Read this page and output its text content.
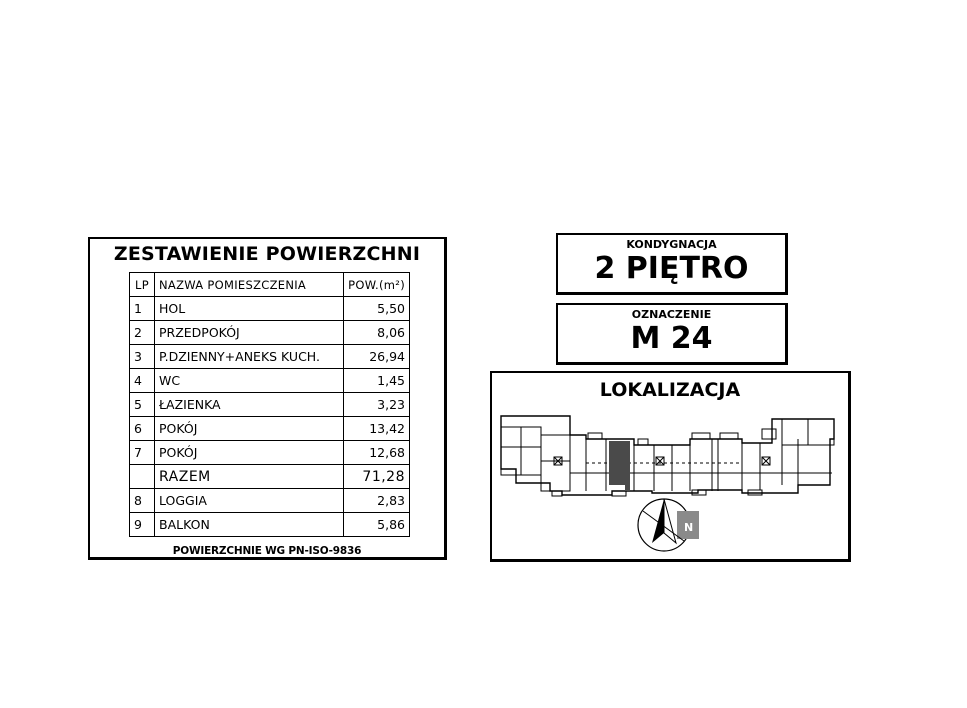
ZESTAWIENIE POWIERZCHNI
LP	NAZWA POMIESZCZENIA	POW.(m²)
1	HOL	5,50
2	PRZEDPOKÓJ	8,06
3	P.DZIENNY+ANEKS KUCH.	26,94
4	WC	1,45
5	ŁAZIENKA	3,23
6	POKÓJ	13,42
7	POKÓJ	12,68
	RAZEM	71,28
8	LOGGIA	2,83
9	BALKON	5,86
POWIERZCHNIE WG PN-ISO-9836
KONDYGNACJA
2 PIĘTRO
OZNACZENIE
M 24
LOKALIZACJA
N
